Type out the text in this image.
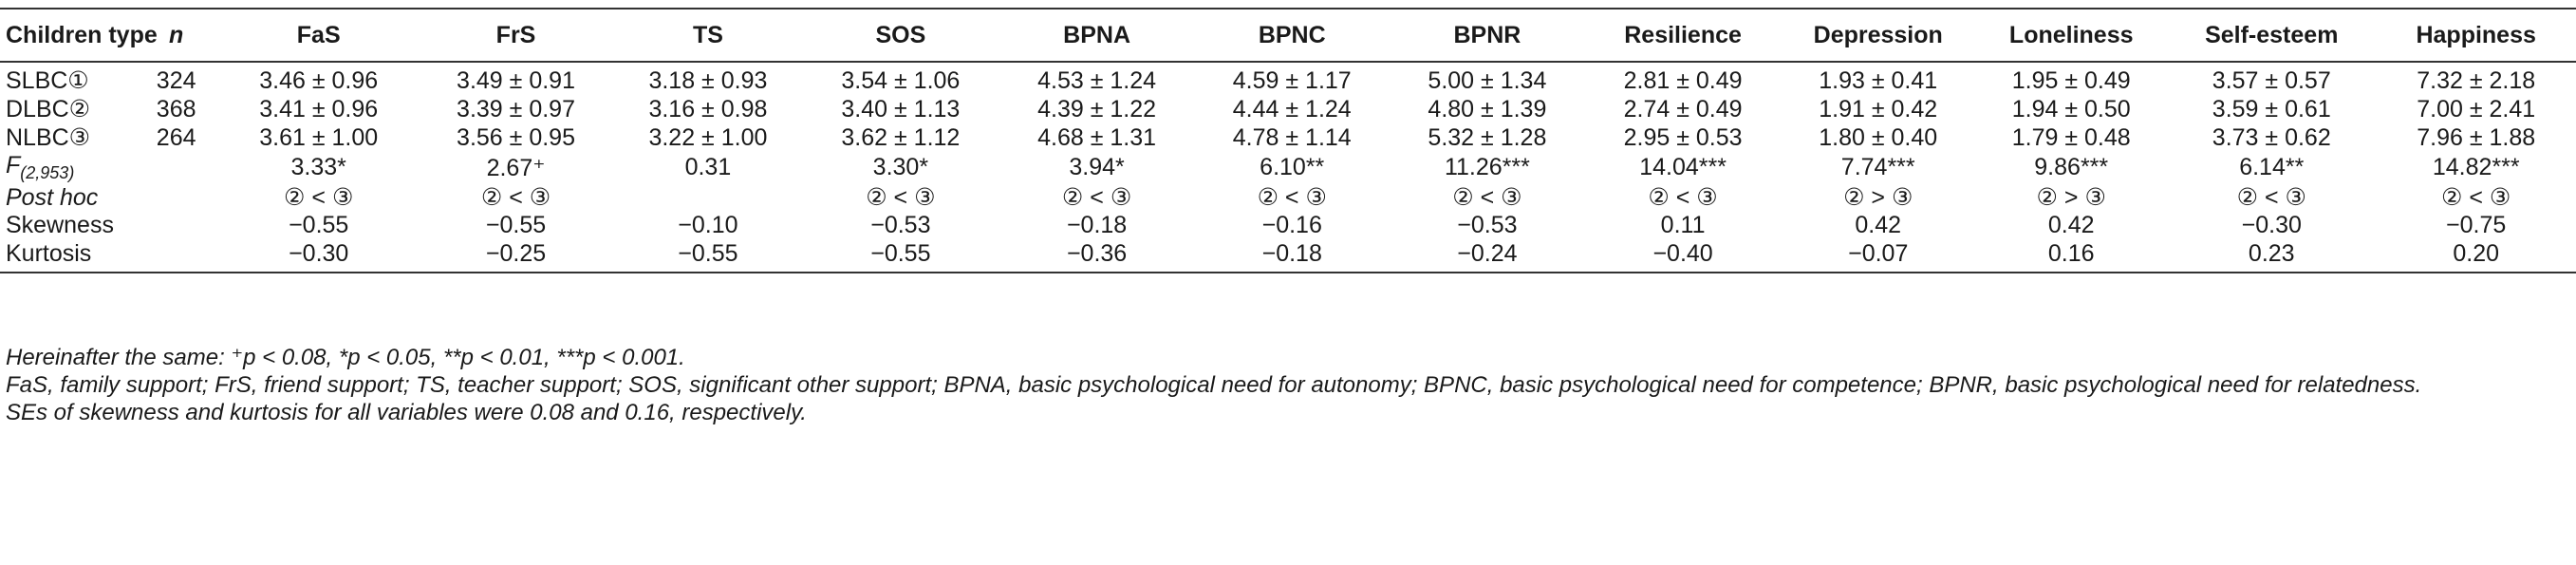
Children type	n	FaS	FrS	TS	SOS	BPNA	BPNC	BPNR	Resilience	Depression	Loneliness	Self-esteem	Happiness
SLBC①	324	3.46 ± 0.96	3.49 ± 0.91	3.18 ± 0.93	3.54 ± 1.06	4.53 ± 1.24	4.59 ± 1.17	5.00 ± 1.34	2.81 ± 0.49	1.93 ± 0.41	1.95 ± 0.49	3.57 ± 0.57	7.32 ± 2.18
DLBC②	368	3.41 ± 0.96	3.39 ± 0.97	3.16 ± 0.98	3.40 ± 1.13	4.39 ± 1.22	4.44 ± 1.24	4.80 ± 1.39	2.74 ± 0.49	1.91 ± 0.42	1.94 ± 0.50	3.59 ± 0.61	7.00 ± 2.41
NLBC③	264	3.61 ± 1.00	3.56 ± 0.95	3.22 ± 1.00	3.62 ± 1.12	4.68 ± 1.31	4.78 ± 1.14	5.32 ± 1.28	2.95 ± 0.53	1.80 ± 0.40	1.79 ± 0.48	3.73 ± 0.62	7.96 ± 1.88
$F_{(2,953)}$		3.33*	2.67⁺	0.31	3.30*	3.94*	6.10**	11.26***	14.04***	7.74***	9.86***	6.14**	14.82***
Post hoc		② < ③	② < ③		② < ③	② < ③	② < ③	② < ③	② < ③	② > ③	② > ③	② < ③	② < ③
Skewness		−0.55	−0.55	−0.10	−0.53	−0.18	−0.16	−0.53	0.11	0.42	0.42	−0.30	−0.75
Kurtosis		−0.30	−0.25	−0.55	−0.55	−0.36	−0.18	−0.24	−0.40	−0.07	0.16	0.23	0.20

Hereinafter the same: ⁺p < 0.08, *p < 0.05, **p < 0.01, ***p < 0.001.

FaS, family support; FrS, friend support; TS, teacher support; SOS, significant other support; BPNA, basic psychological need for autonomy; BPNC, basic psychological need for competence; BPNR, basic psychological need for relatedness.

SEs of skewness and kurtosis for all variables were 0.08 and 0.16, respectively.
